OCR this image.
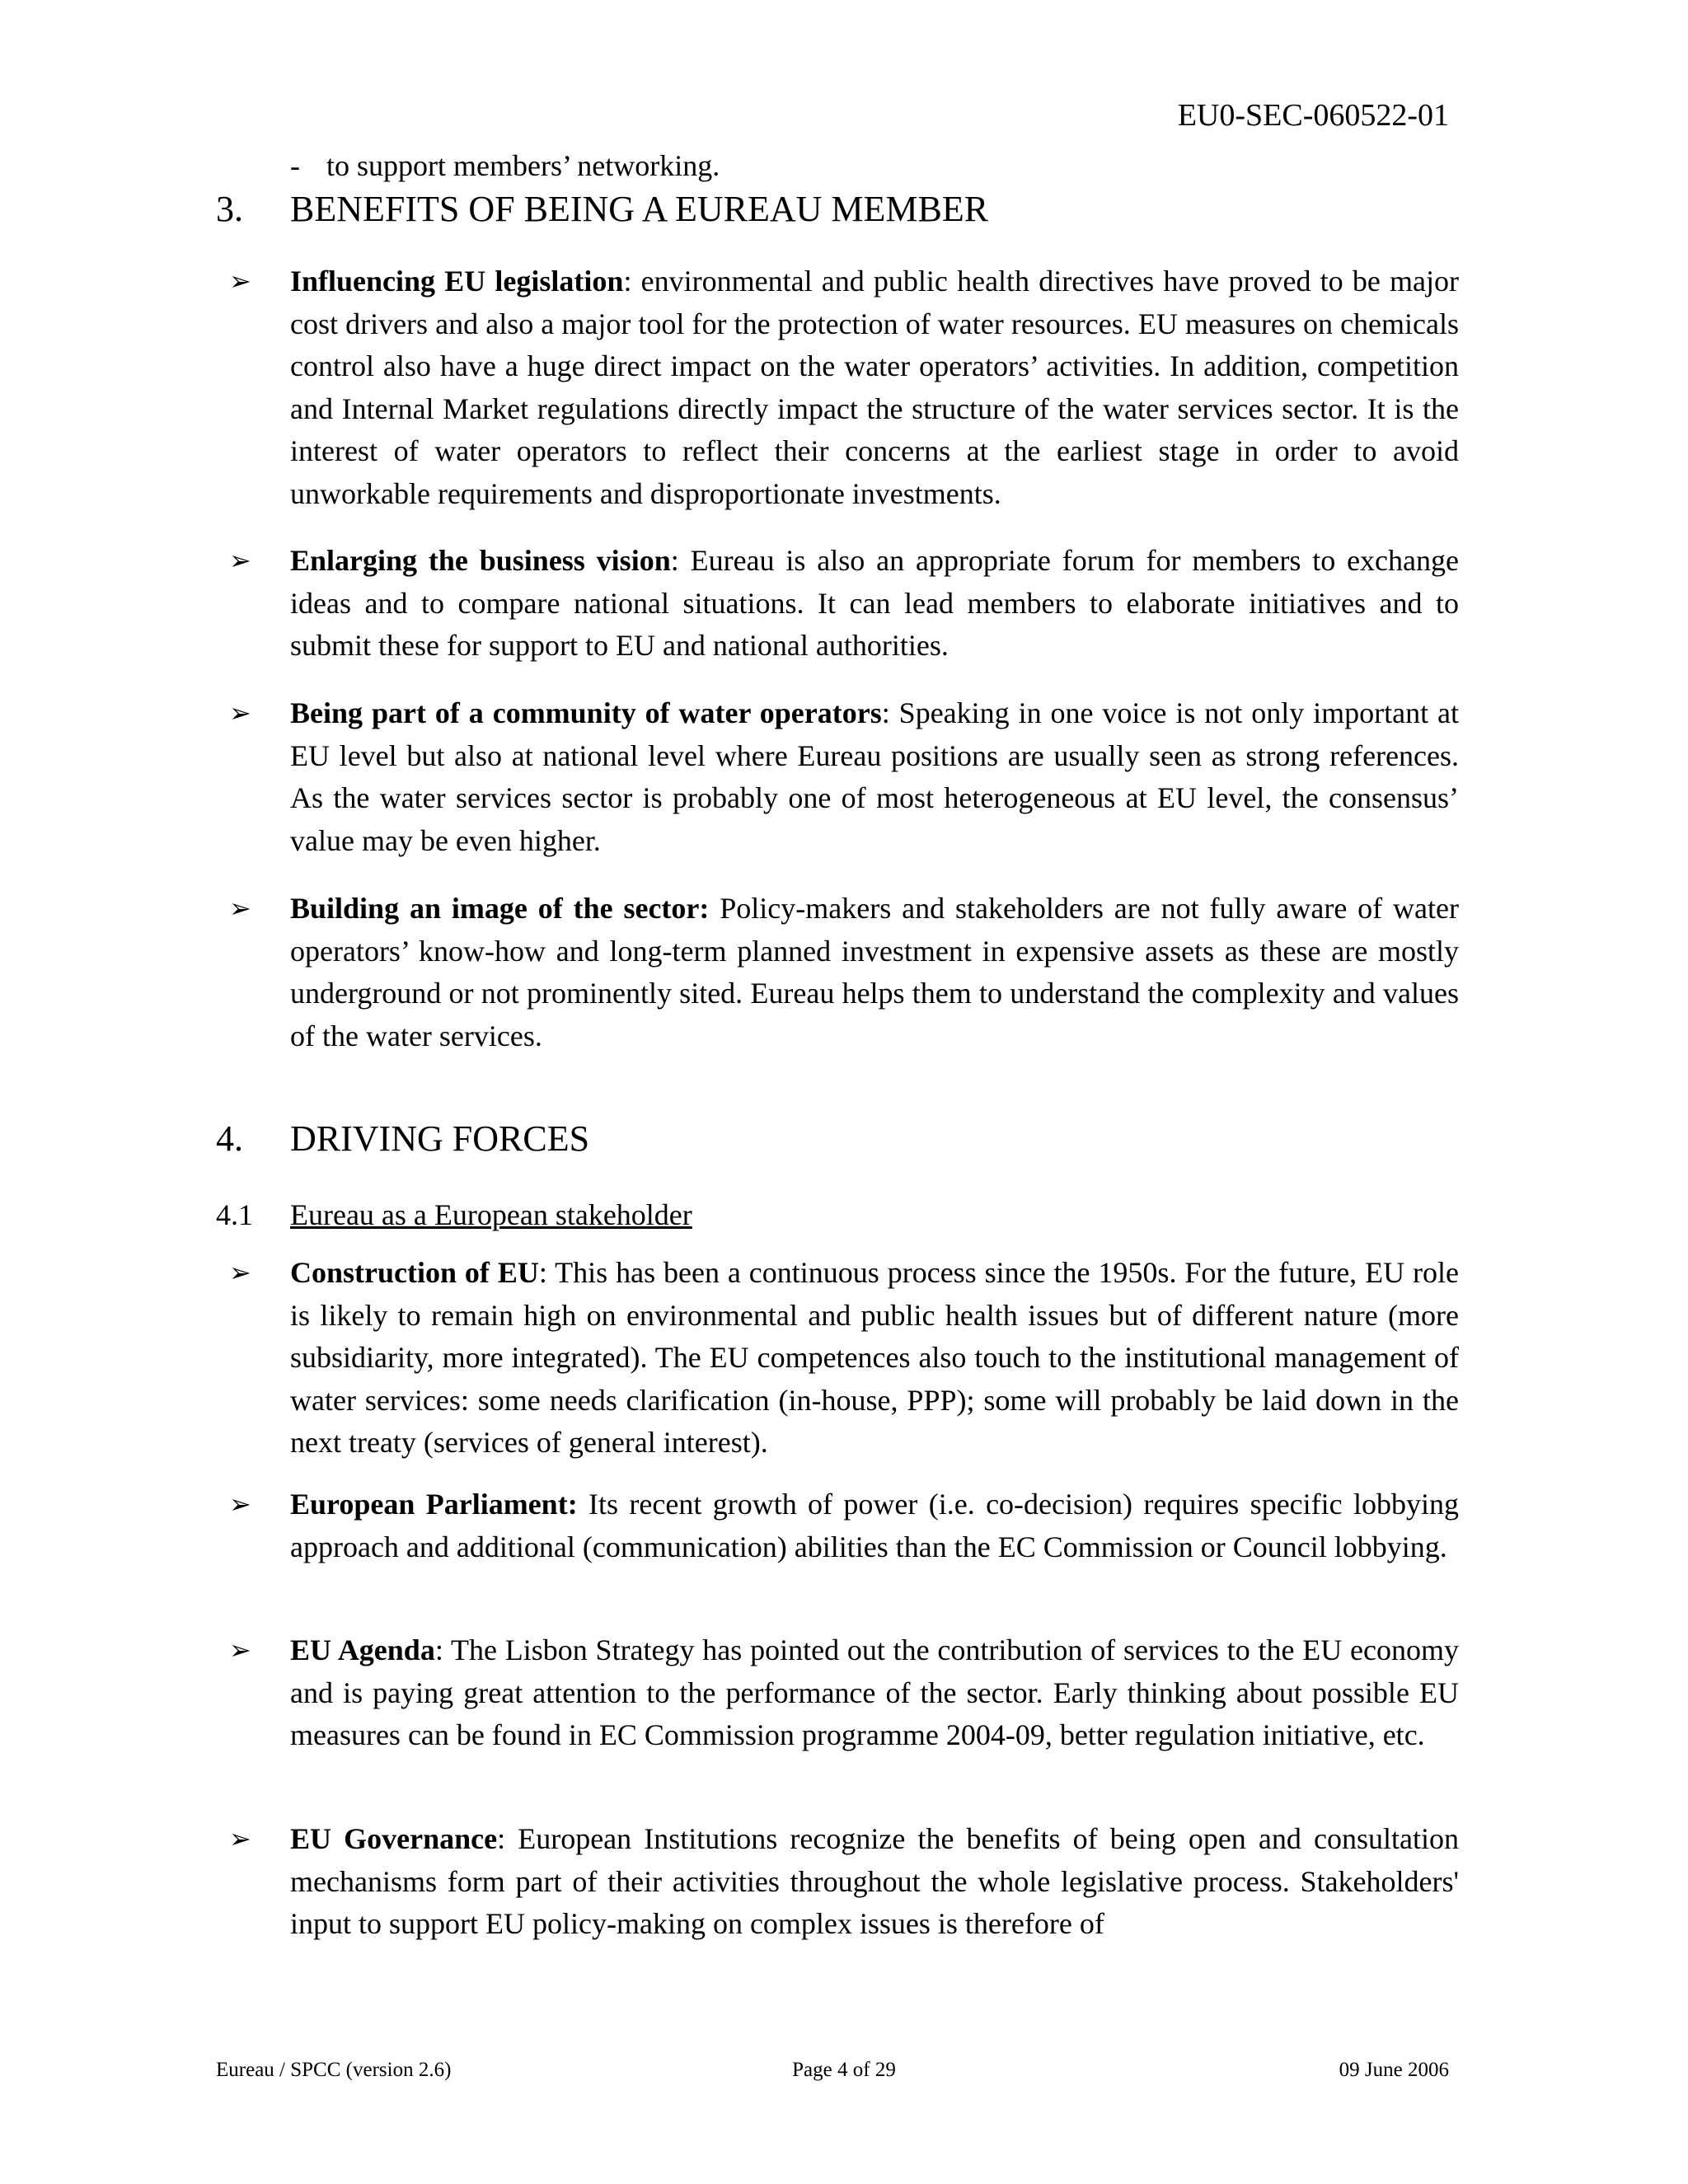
EU0-SEC-060522-01
- to support members’ networking.
3. BENEFITS OF BEING A EUREAU MEMBER
➢ Influencing EU legislation: environmental and public health directives have proved to be major cost drivers and also a major tool for the protection of water resources. EU measures on chemicals control also have a huge direct impact on the water operators’ activities. In addition, competition and Internal Market regulations directly impact the structure of the water services sector. It is the interest of water operators to reflect their concerns at the earliest stage in order to avoid unworkable requirements and disproportionate investments.
➢ Enlarging the business vision: Eureau is also an appropriate forum for members to exchange ideas and to compare national situations. It can lead members to elaborate initiatives and to submit these for support to EU and national authorities.
➢ Being part of a community of water operators: Speaking in one voice is not only important at EU level but also at national level where Eureau positions are usually seen as strong references. As the water services sector is probably one of most heterogeneous at EU level, the consensus’ value may be even higher.
➢ Building an image of the sector: Policy-makers and stakeholders are not fully aware of water operators’ know-how and long-term planned investment in expensive assets as these are mostly underground or not prominently sited. Eureau helps them to understand the complexity and values of the water services.
4. DRIVING FORCES
4.1 Eureau as a European stakeholder
➢ Construction of EU: This has been a continuous process since the 1950s. For the future, EU role is likely to remain high on environmental and public health issues but of different nature (more subsidiarity, more integrated). The EU competences also touch to the institutional management of water services: some needs clarification (in-house, PPP); some will probably be laid down in the next treaty (services of general interest).
➢ European Parliament: Its recent growth of power (i.e. co-decision) requires specific lobbying approach and additional (communication) abilities than the EC Commission or Council lobbying.
➢ EU Agenda: The Lisbon Strategy has pointed out the contribution of services to the EU economy and is paying great attention to the performance of the sector. Early thinking about possible EU measures can be found in EC Commission programme 2004-09, better regulation initiative, etc.
➢ EU Governance: European Institutions recognize the benefits of being open and consultation mechanisms form part of their activities throughout the whole legislative process. Stakeholders' input to support EU policy-making on complex issues is therefore of
Eureau / SPCC (version 2.6)	Page 4 of 29	09 June 2006
